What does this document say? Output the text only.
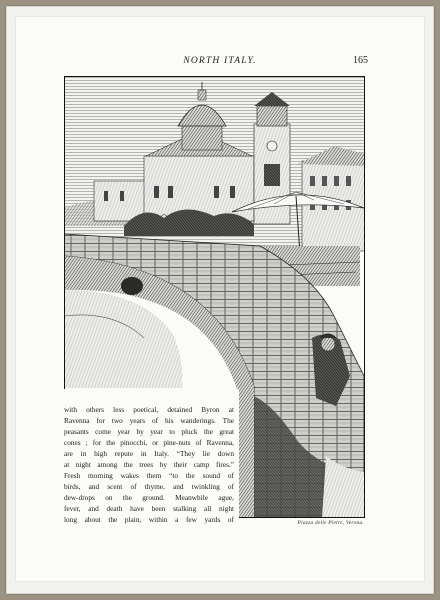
NORTH ITALY.	165
with others less poetical, detained Byron at
Ravenna for two years of his wanderings. The
peasants come year by year to pluck the great
cones ; for the pinocchi, or pine-nuts of Ravenna,
are in high repute in Italy. “They lie down
at night among the trees by their camp fires.”
Fresh morning wakes them “to the sound of
birds, and scent of thyme, and twinkling of
dew-drops on the ground. Meanwhile ague,
fever, and death have been stalking all night
long about the plain, within a few yards of	Piazza delle Pietre, Verona.
